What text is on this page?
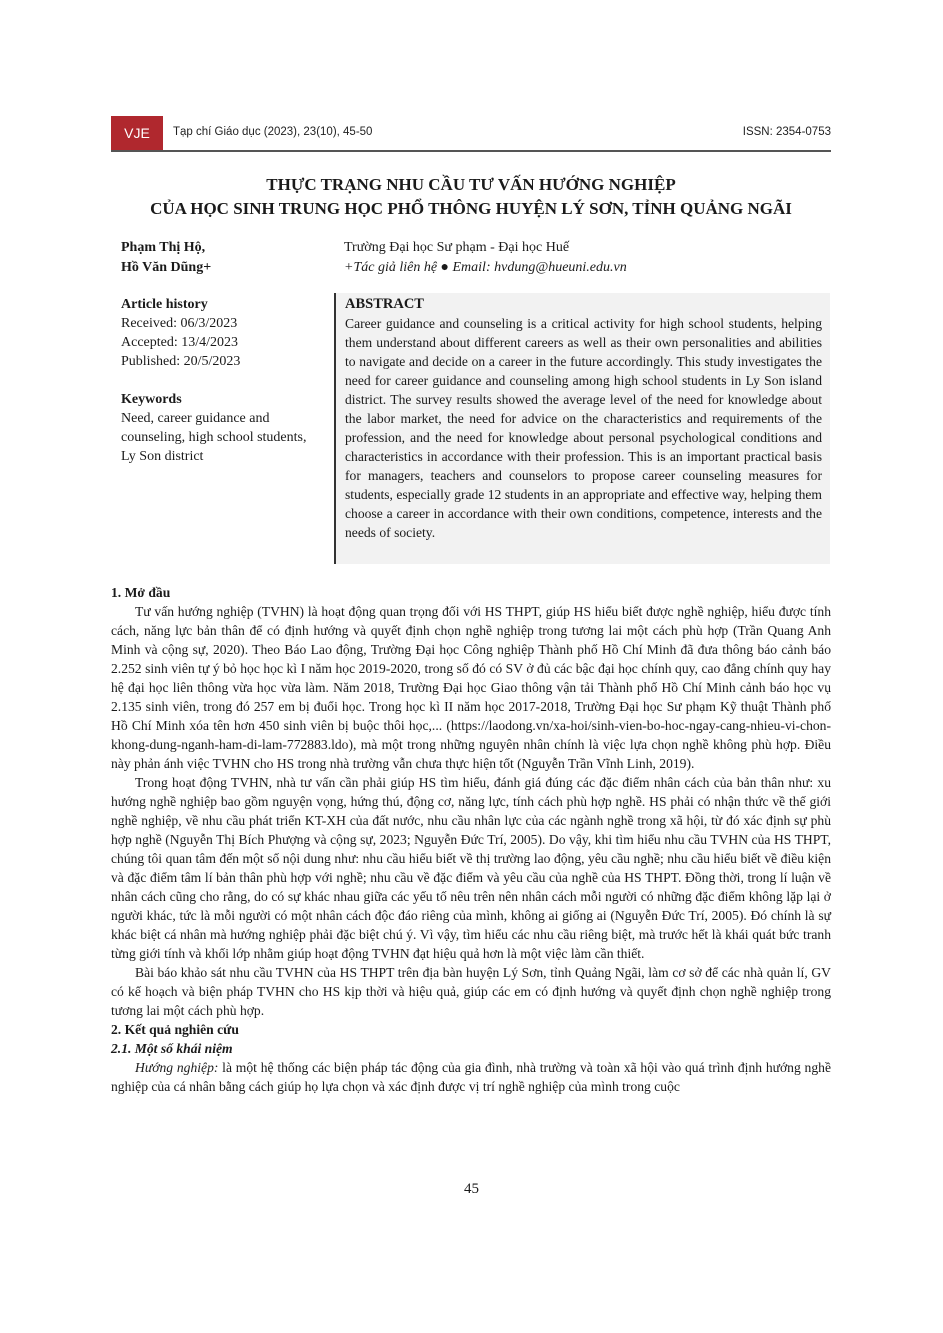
VJE	Tạp chí Giáo dục (2023), 23(10), 45-50	ISSN: 2354-0753
THỰC TRẠNG NHU CẦU TƯ VẤN HƯỚNG NGHIỆP
CỦA HỌC SINH TRUNG HỌC PHỔ THÔNG HUYỆN LÝ SƠN, TỈNH QUẢNG NGÃI
Phạm Thị Hộ,
Hồ Văn Dũng+
Trường Đại học Sư phạm - Đại học Huế
+Tác giả liên hệ ● Email: hvdung@hueuni.edu.vn
Article history
Received: 06/3/2023
Accepted: 13/4/2023
Published: 20/5/2023
Keywords
Need, career guidance and counseling, high school students, Ly Son district
ABSTRACT

Career guidance and counseling is a critical activity for high school students, helping them understand about different careers as well as their own personalities and abilities to navigate and decide on a career in the future accordingly. This study investigates the need for career guidance and counseling among high school students in Ly Son island district. The survey results showed the average level of the need for knowledge about the labor market, the need for advice on the characteristics and requirements of the profession, and the need for knowledge about personal psychological conditions and characteristics in accordance with their profession. This is an important practical basis for managers, teachers and counselors to propose career counseling measures for students, especially grade 12 students in an appropriate and effective way, helping them choose a career in accordance with their own conditions, competence, interests and the needs of society.

1. Mở đầu

Tư vấn hướng nghiệp (TVHN) là hoạt động quan trọng đối với HS THPT, giúp HS hiểu biết được nghề nghiệp, hiểu được tính cách, năng lực bản thân để có định hướng và quyết định chọn nghề nghiệp trong tương lai một cách phù hợp (Trần Quang Anh Minh và cộng sự, 2020). Theo Báo Lao động, Trường Đại học Công nghiệp Thành phố Hồ Chí Minh đã đưa thông báo cảnh báo 2.252 sinh viên tự ý bỏ học học kì I năm học 2019-2020, trong số đó có SV ở đủ các bậc đại học chính quy, cao đẳng chính quy hay hệ đại học liên thông vừa học vừa làm. Năm 2018, Trường Đại học Giao thông vận tải Thành phố Hồ Chí Minh cảnh báo học vụ 2.135 sinh viên, trong đó 257 em bị đuổi học. Trong học kì II năm học 2017-2018, Trường Đại học Sư phạm Kỹ thuật Thành phố Hồ Chí Minh xóa tên hơn 450 sinh viên bị buộc thôi học,... (https://laodong.vn/xa-hoi/sinh-vien-bo-hoc-ngay-cang-nhieu-vi-chon-khong-dung-nganh-ham-di-lam-772883.ldo), mà một trong những nguyên nhân chính là việc lựa chọn nghề không phù hợp. Điều này phản ánh việc TVHN cho HS trong nhà trường vẫn chưa thực hiện tốt (Nguyễn Trần Vĩnh Linh, 2019).

Trong hoạt động TVHN, nhà tư vấn cần phải giúp HS tìm hiểu, đánh giá đúng các đặc điểm nhân cách của bản thân như: xu hướng nghề nghiệp bao gồm nguyện vọng, hứng thú, động cơ, năng lực, tính cách phù hợp nghề. HS phải có nhận thức về thế giới nghề nghiệp, về nhu cầu phát triển KT-XH của đất nước, nhu cầu nhân lực của các ngành nghề trong xã hội, từ đó xác định sự phù hợp nghề (Nguyễn Thị Bích Phượng và cộng sự, 2023; Nguyễn Đức Trí, 2005). Do vậy, khi tìm hiểu nhu cầu TVHN của HS THPT, chúng tôi quan tâm đến một số nội dung như: nhu cầu hiểu biết về thị trường lao động, yêu cầu nghề; nhu cầu hiểu biết về điều kiện và đặc điểm tâm lí bản thân phù hợp với nghề; nhu cầu về đặc điểm và yêu cầu của nghề của HS THPT. Đồng thời, trong lí luận về nhân cách cũng cho rằng, do có sự khác nhau giữa các yếu tố nêu trên nên nhân cách mỗi người có những đặc điểm không lặp lại ở người khác, tức là mỗi người có một nhân cách độc đáo riêng của mình, không ai giống ai (Nguyễn Đức Trí, 2005). Đó chính là sự khác biệt cá nhân mà hướng nghiệp phải đặc biệt chú ý. Vì vậy, tìm hiểu các nhu cầu riêng biệt, mà trước hết là khái quát bức tranh từng giới tính và khối lớp nhằm giúp hoạt động TVHN đạt hiệu quả hơn là một việc làm cần thiết.

Bài báo khảo sát nhu cầu TVHN của HS THPT trên địa bàn huyện Lý Sơn, tỉnh Quảng Ngãi, làm cơ sở để các nhà quản lí, GV có kế hoạch và biện pháp TVHN cho HS kịp thời và hiệu quả, giúp các em có định hướng và quyết định chọn nghề nghiệp trong tương lai một cách phù hợp.

2. Kết quả nghiên cứu

2.1. Một số khái niệm

Hướng nghiệp: là một hệ thống các biện pháp tác động của gia đình, nhà trường và toàn xã hội vào quá trình định hướng nghề nghiệp của cá nhân bằng cách giúp họ lựa chọn và xác định được vị trí nghề nghiệp của mình trong cuộc

45
